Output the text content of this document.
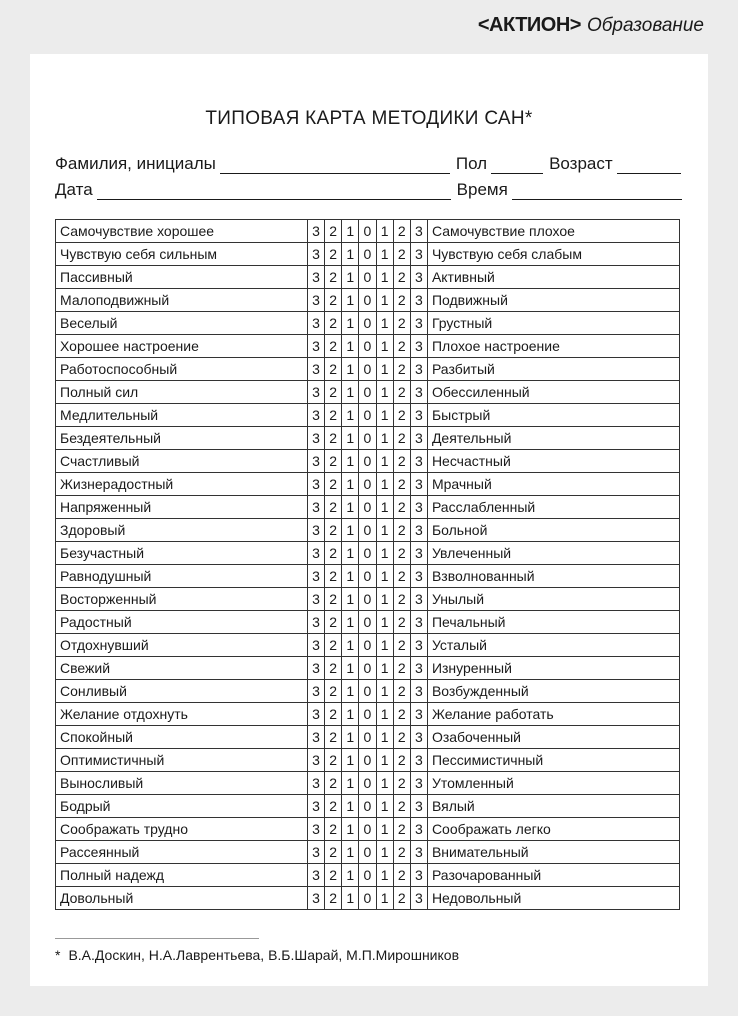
<АКТИОН> Образование
ТИПОВАЯ КАРТА МЕТОДИКИ САН*
Фамилия, инициалы	Пол	Возраст
Дата	Время
Самочувствие хорошее	3	2	1	0	1	2	3	Самочувствие плохое
Чувствую себя сильным	3	2	1	0	1	2	3	Чувствую себя слабым
Пассивный	3	2	1	0	1	2	3	Активный
Малоподвижный	3	2	1	0	1	2	3	Подвижный
Веселый	3	2	1	0	1	2	3	Грустный
Хорошее настроение	3	2	1	0	1	2	3	Плохое настроение
Работоспособный	3	2	1	0	1	2	3	Разбитый
Полный сил	3	2	1	0	1	2	3	Обессиленный
Медлительный	3	2	1	0	1	2	3	Быстрый
Бездеятельный	3	2	1	0	1	2	3	Деятельный
Счастливый	3	2	1	0	1	2	3	Несчастный
Жизнерадостный	3	2	1	0	1	2	3	Мрачный
Напряженный	3	2	1	0	1	2	3	Расслабленный
Здоровый	3	2	1	0	1	2	3	Больной
Безучастный	3	2	1	0	1	2	3	Увлеченный
Равнодушный	3	2	1	0	1	2	3	Взволнованный
Восторженный	3	2	1	0	1	2	3	Унылый
Радостный	3	2	1	0	1	2	3	Печальный
Отдохнувший	3	2	1	0	1	2	3	Усталый
Свежий	3	2	1	0	1	2	3	Изнуренный
Сонливый	3	2	1	0	1	2	3	Возбужденный
Желание отдохнуть	3	2	1	0	1	2	3	Желание работать
Спокойный	3	2	1	0	1	2	3	Озабоченный
Оптимистичный	3	2	1	0	1	2	3	Пессимистичный
Выносливый	3	2	1	0	1	2	3	Утомленный
Бодрый	3	2	1	0	1	2	3	Вялый
Соображать трудно	3	2	1	0	1	2	3	Соображать легко
Рассеянный	3	2	1	0	1	2	3	Внимательный
Полный надежд	3	2	1	0	1	2	3	Разочарованный
Довольный	3	2	1	0	1	2	3	Недовольный
* В.А.Доскин, Н.А.Лаврентьева, В.Б.Шарай, М.П.Мирошников
